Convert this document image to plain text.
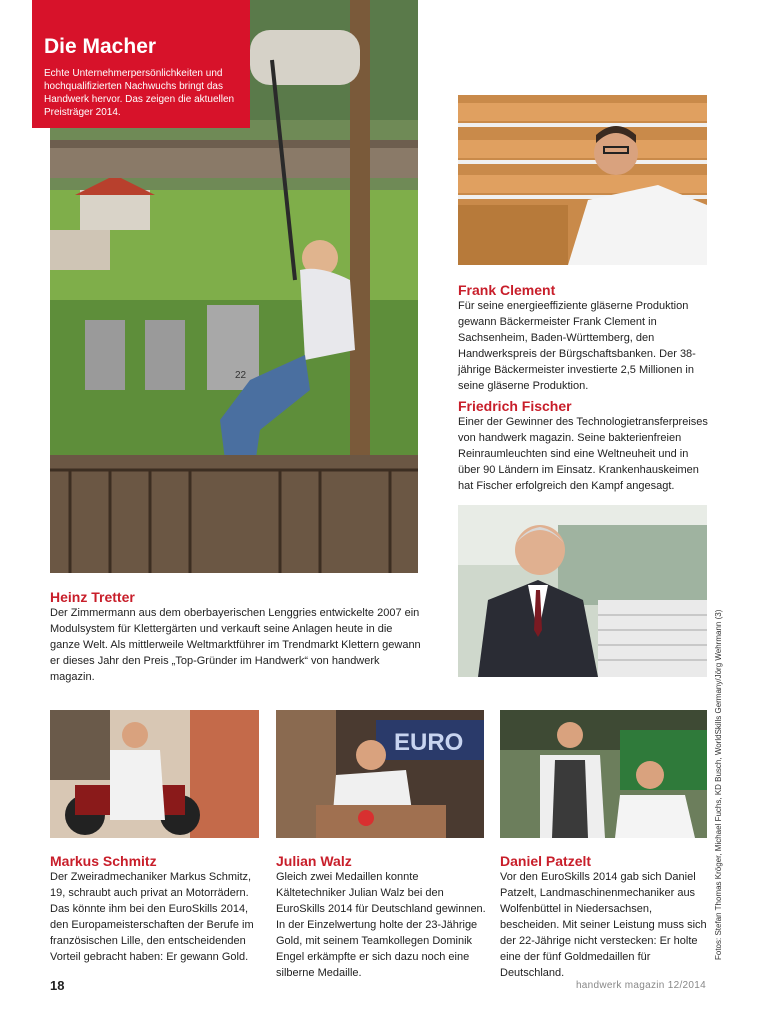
22
Die Macher
Echte Unternehmerpersönlichkeiten und hochqualifizierten Nachwuchs bringt das Handwerk hervor. Das zeigen die aktuellen Preisträger 2014.
Frank Clement
Für seine energieeffiziente gläserne Produktion gewann Bäckermeister Frank Clement in Sachsenheim, Baden-Württemberg, den Handwerkspreis der Bürgschaftsbanken. Der 38-jährige Bäckermeister investierte 2,5 Millionen in seine gläserne Produktion.
Friedrich Fischer
Einer der Gewinner des Technologietransferpreises von handwerk magazin. Seine bakterienfreien Reinraumleuchten sind eine Weltneuheit und in über 90 Ländern im Einsatz. Krankenhauskeimen hat Fischer erfolgreich den Kampf angesagt.
Heinz Tretter
Der Zimmermann aus dem oberbayerischen Lenggries entwickelte 2007 ein Modulsystem für Klettergärten und verkauft seine Anlagen heute in die ganze Welt. Als mittlerweile Weltmarktführer im Trendmarkt Klettern gewann er dieses Jahr den Preis „Top-Gründer im Handwerk“ von handwerk magazin.	Fotos: Stefan Thomas Kröger, Michael Fuchs, KD Busch, WorldSkills Germany/Jörg Wehrmann (3)
EURO
Markus Schmitz
Der Zweiradmechaniker Markus Schmitz, 19, schraubt auch privat an Motorrädern. Das könnte ihm bei den EuroSkills 2014, den Europameisterschaften der Berufe im französischen Lille, den entscheidenden Vorteil gebracht haben: Er gewann Gold.
Julian Walz
Gleich zwei Medaillen konnte Kältetechniker Julian Walz bei den EuroSkills 2014 für Deutschland gewinnen. In der Einzelwertung holte der 23-Jährige Gold, mit seinem Teamkollegen Dominik Engel erkämpfte er sich dazu noch eine silberne Medaille.
Daniel Patzelt
Vor den EuroSkills 2014 gab sich Daniel Patzelt, Landmaschinenmechaniker aus Wolfenbüttel in Niedersachsen, bescheiden. Mit seiner Leistung muss sich der 22-Jährige nicht verstecken: Er holte eine der fünf Goldmedaillen für Deutschland.
18	handwerk magazin 12/2014
